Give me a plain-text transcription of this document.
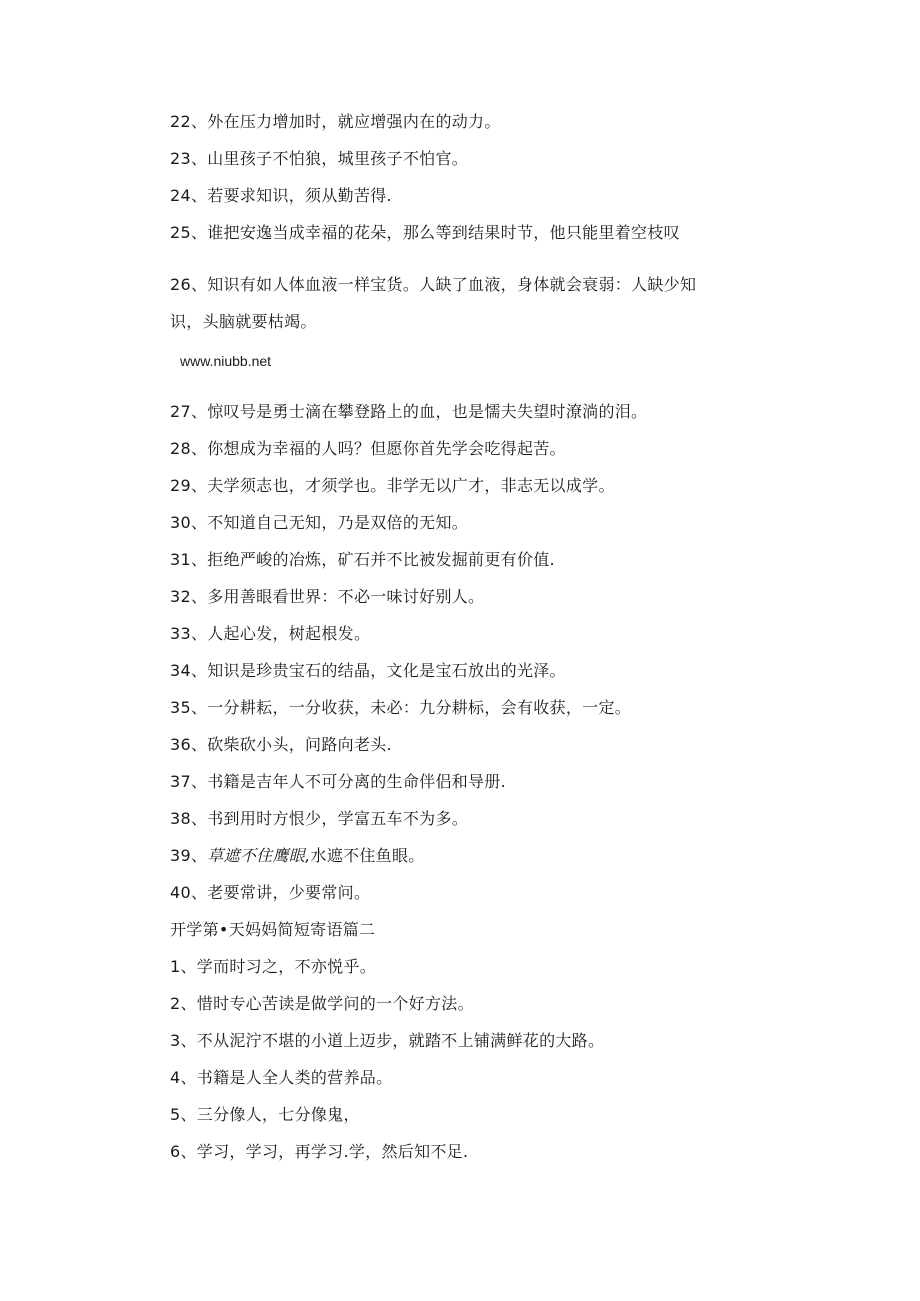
22、外在压力增加时，就应增强内在的动力。
23、山里孩子不怕狼，城里孩子不怕官。
24、若要求知识，须从勤苦得.
25、谁把安逸当成幸福的花朵，那么等到结果时节，他只能里着空枝叹
26、知识有如人体血液一样宝货。人缺了血液，身体就会衰弱：人缺少知
识，头脑就要枯竭。
www.niubb.net
27、惊叹号是勇士滴在攀登路上的血，也是懦夫失望时潦淌的泪。
28、你想成为幸福的人吗？但愿你首先学会吃得起苦。
29、夫学须志也，才须学也。非学无以广才，非志无以成学。
30、不知道自己无知，乃是双倍的无知。
31、拒绝严峻的冶炼，矿石并不比被发掘前更有价值.
32、多用善眼看世界：不必一味讨好别人。
33、人起心发，树起根发。
34、知识是珍贵宝石的结晶，文化是宝石放出的光泽。
35、一分耕耘，一分收获，未必：九分耕标，会有收获，一定。
36、砍柴砍小头，问路向老头.
37、书籍是吉年人不可分离的生命伴侣和导册.
38、书到用时方恨少，学富五车不为多。
39、草遮不住鹰眼,水遮不住鱼眼。
40、老要常讲，少要常问。
开学第•天妈妈简短寄语篇二
1、学而时习之，不亦悦乎。
2、惜时专心苦读是做学问的一个好方法。
3、不从泥泞不堪的小道上迈步，就踏不上铺满鲜花的大路。
4、书籍是人全人类的营养品。
5、三分像人，七分像鬼，
6、学习，学习，再学习.学，然后知不足.
